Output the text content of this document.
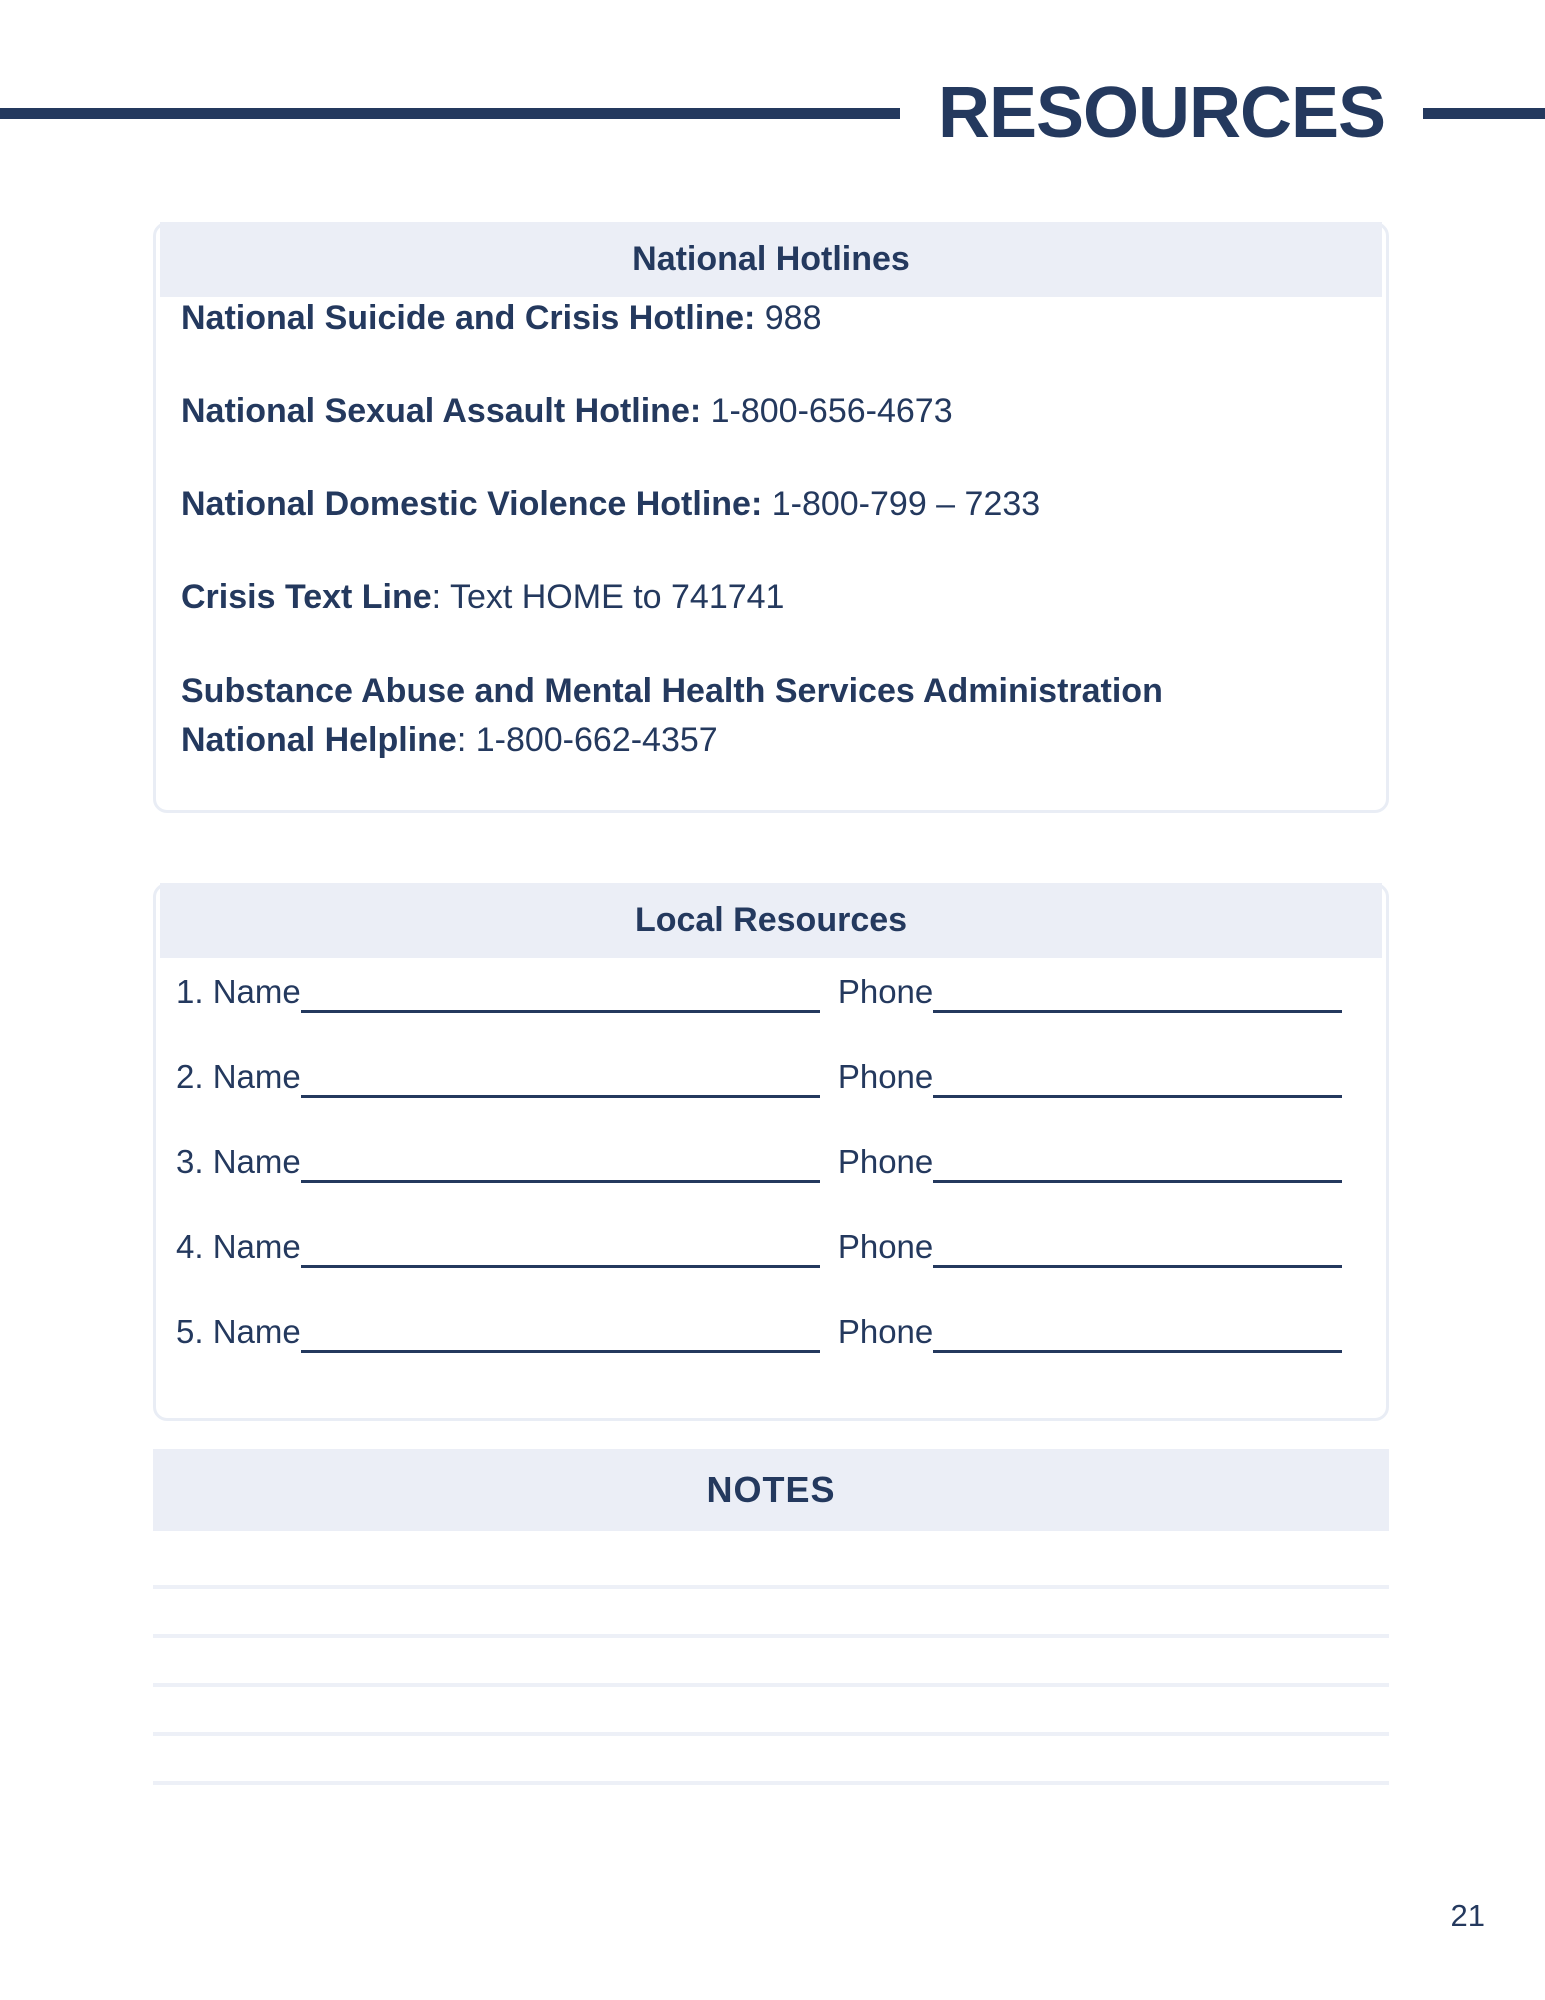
RESOURCES
National Hotlines

National Suicide and Crisis Hotline: 988

National Sexual Assault Hotline: 1-800-656-4673

National Domestic Violence Hotline: 1-800-799 – 7233

Crisis Text Line: Text HOME to 741741

Substance Abuse and Mental Health Services Administration
National Helpline: 1-800-662-4357

Local Resources
1. Name	Phone
2. Name	Phone
3. Name	Phone
4. Name	Phone
5. Name	Phone
NOTES
21
